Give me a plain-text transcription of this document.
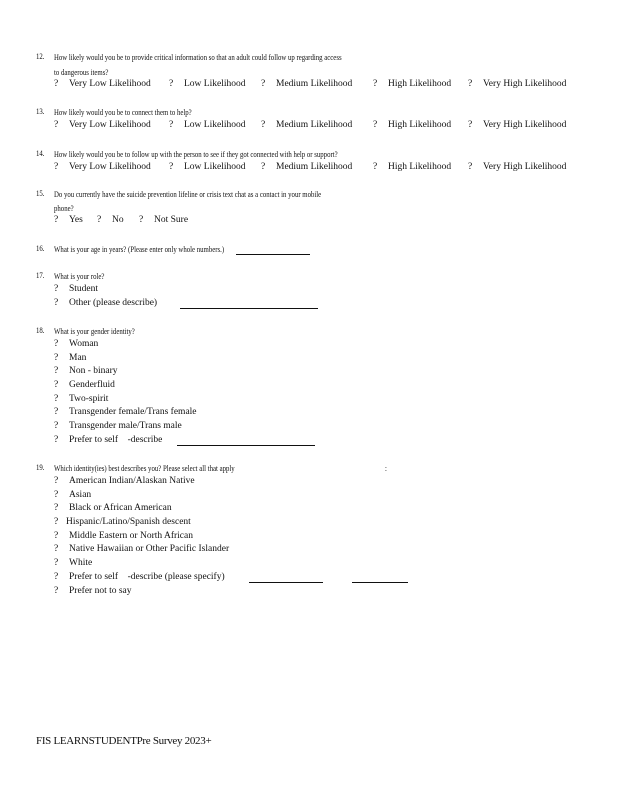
12. How likely would you be to provide critical information so that an adult could follow up regarding access
to dangerous items?
? Very Low Likelihood ? Low Likelihood ? Medium Likelihood ? High Likelihood ? Very High Likelihood
13. How likely would you be to connect them to help?
? Very Low Likelihood ? Low Likelihood ? Medium Likelihood ? High Likelihood ? Very High Likelihood
14. How likely would you be to follow up with the person to see if they got connected with help or support?
? Very Low Likelihood ? Low Likelihood ? Medium Likelihood ? High Likelihood ? Very High Likelihood
15. Do you currently have the suicide prevention lifeline or crisis text chat as a contact in your mobile
phone?
? Yes ? No ? Not Sure
16. What is your age in years? (Please enter only whole numbers.)
17. What is your role?
? Student
? Other (please describe)
18. What is your gender identity?
? Woman
? Man
? Non - binary
? Genderfluid
? Two-spirit
? Transgender female/Trans female
? Transgender male/Trans male
? Prefer to self    -describe
19. Which identity(ies) best describes you? Please select all that apply	:
? American Indian/Alaskan Native
? Asian
? Black or African American
? Hispanic/Latino/Spanish descent
? Middle Eastern or North African
? Native Hawaiian or Other Pacific Islander
? White
? Prefer to self    -describe (please specify)
? Prefer not to say
FIS LEARNSTUDENTPre Survey 2023+
